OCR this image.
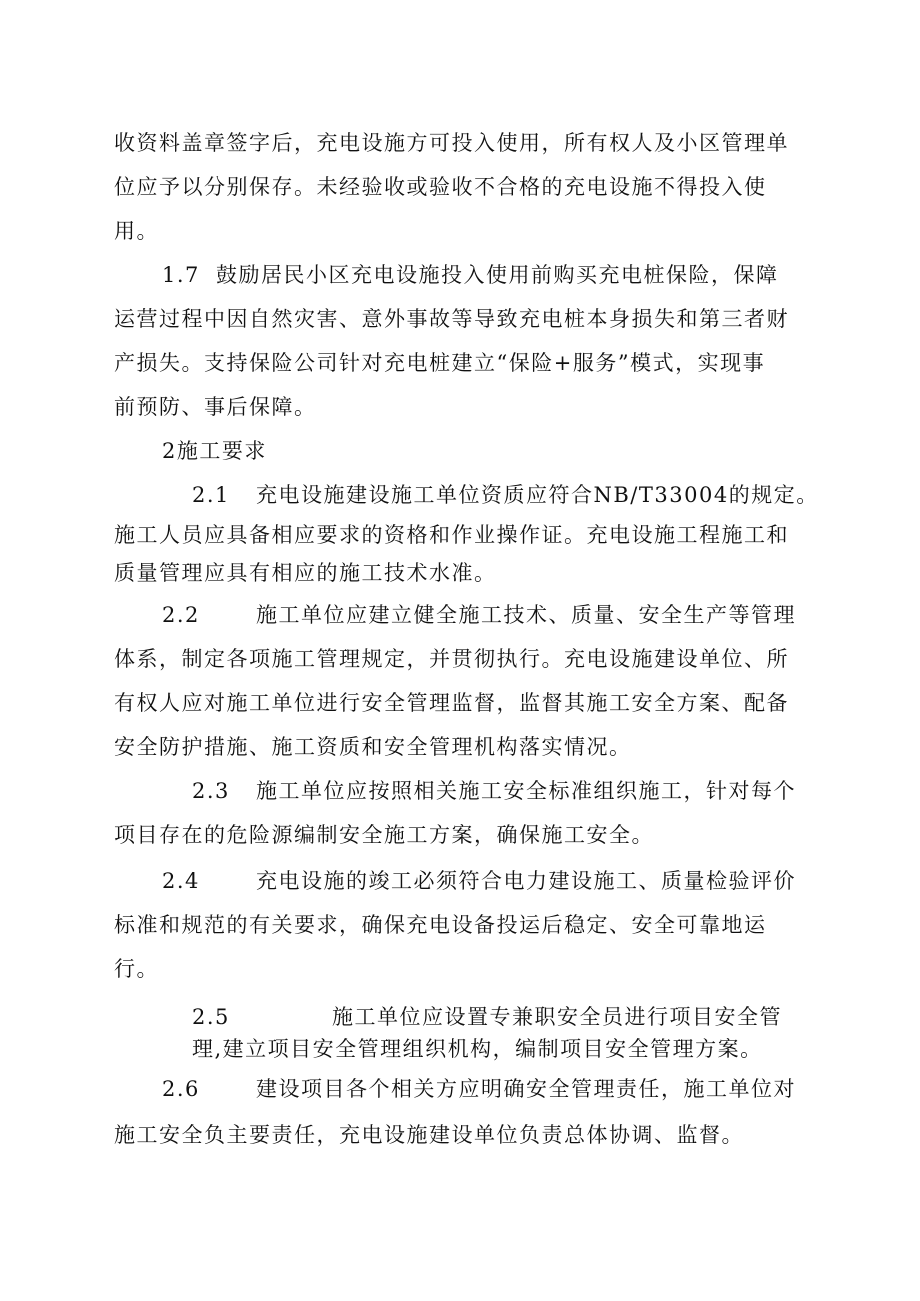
收资料盖章签字后，充电设施方可投入使用，所有权人及小区管理单
位应予以分别保存。未经验收或验收不合格的充电设施不得投入使
用。
1.7 鼓励居民小区充电设施投入使用前购买充电桩保险，保障
运营过程中因自然灾害、意外事故等导致充电桩本身损失和第三者财
产损失。支持保险公司针对充电桩建立“保险+服务”模式，实现事
前预防、事后保障。
2施工要求
2.1 充电设施建设施工单位资质应符合NB/T33004的规定。
施工人员应具备相应要求的资格和作业操作证。充电设施工程施工和
质量管理应具有相应的施工技术水准。
2.2	施工单位应建立健全施工技术、质量、安全生产等管理
体系，制定各项施工管理规定，并贯彻执行。充电设施建设单位、所
有权人应对施工单位进行安全管理监督，监督其施工安全方案、配备
安全防护措施、施工资质和安全管理机构落实情况。
2.3 施工单位应按照相关施工安全标准组织施工，针对每个
项目存在的危险源编制安全施工方案，确保施工安全。
2.4	充电设施的竣工必须符合电力建设施工、质量检验评价
标准和规范的有关要求，确保充电设备投运后稳定、安全可靠地运
行。
2.5	施工单位应设置专兼职安全员进行项目安全管
理,建立项目安全管理组织机构，编制项目安全管理方案。
2.6	建设项目各个相关方应明确安全管理责任，施工单位对
施工安全负主要责任，充电设施建设单位负责总体协调、监督。
